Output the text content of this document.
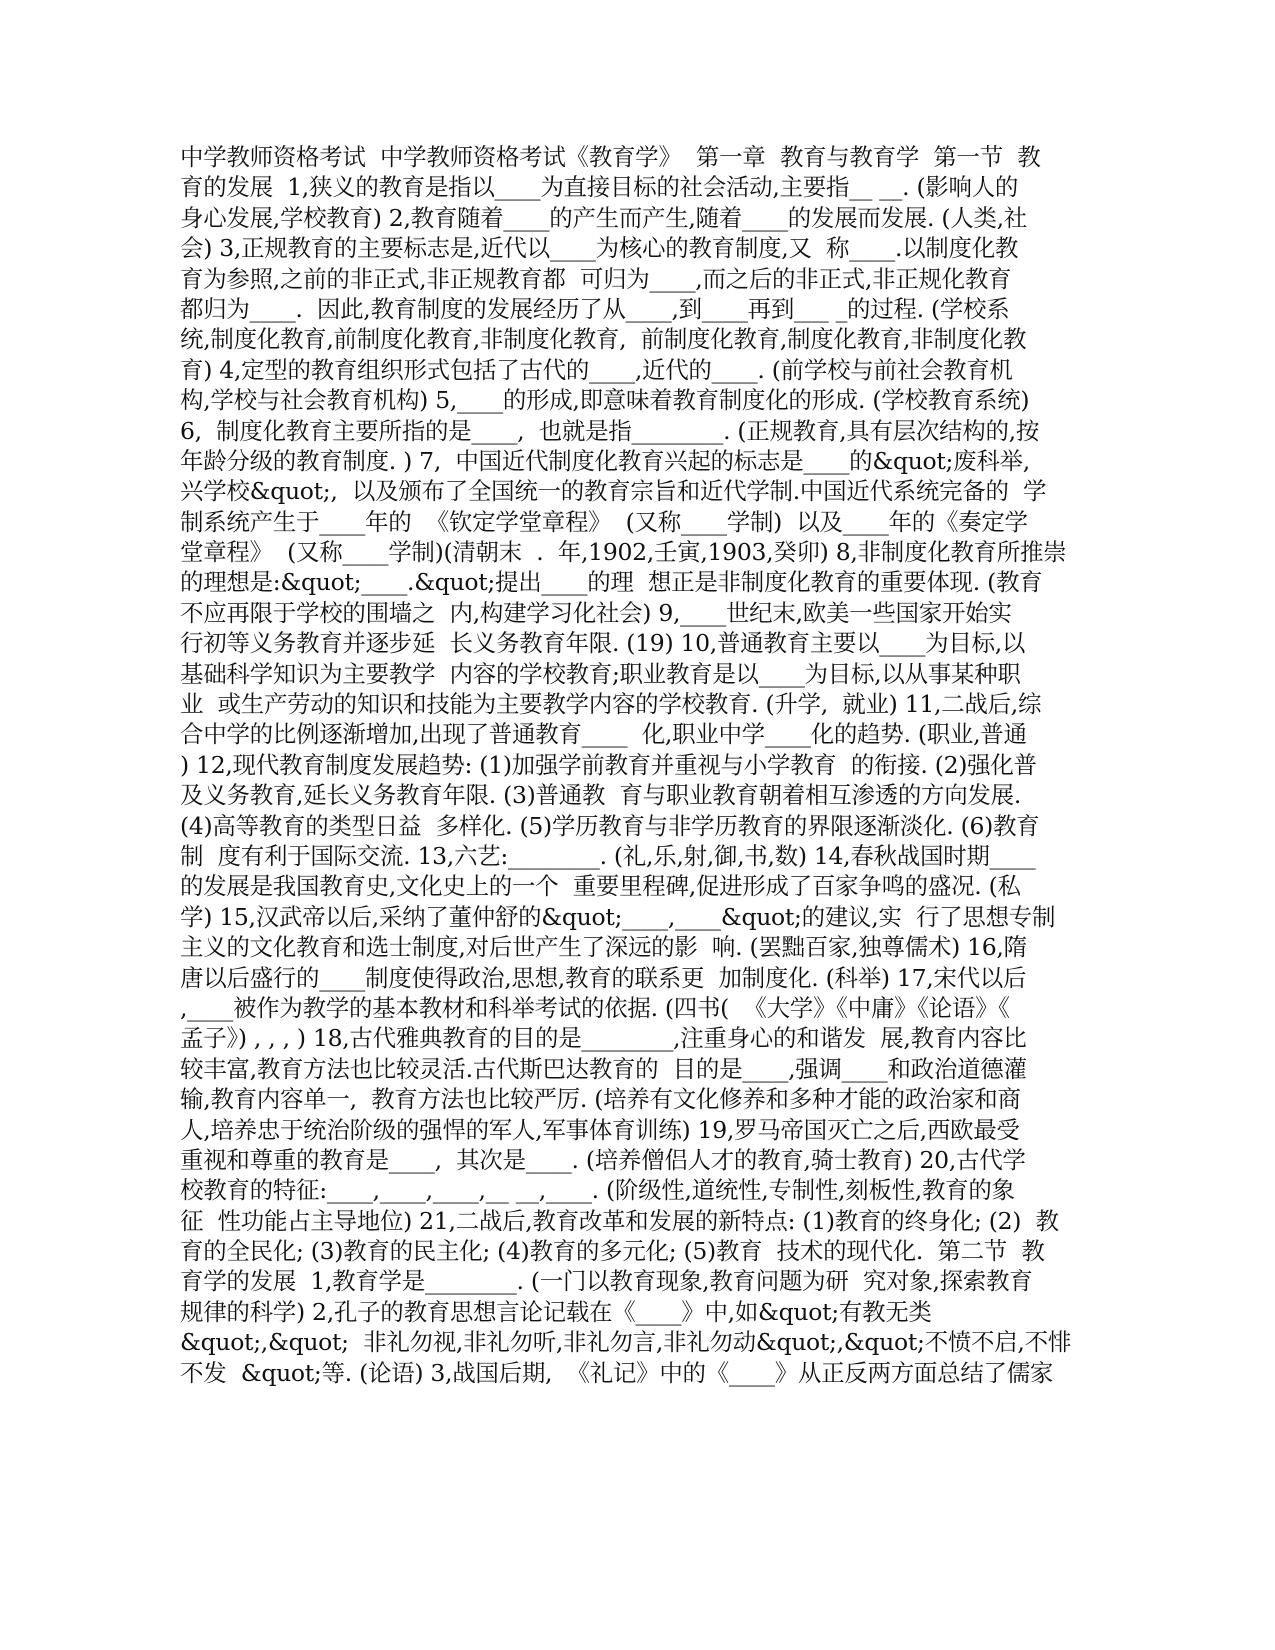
中学教师资格考试  中学教师资格考试《教育学》  第一章  教育与教育学  第一节  教
育的发展  1,狭义的教育是指以____为直接目标的社会活动,主要指__ __. (影响人的
身心发展,学校教育) 2,教育随着____的产生而产生,随着____的发展而发展. (人类,社
会) 3,正规教育的主要标志是,近代以____为核心的教育制度,又  称____.以制度化教
育为参照,之前的非正式,非正规教育都  可归为____,而之后的非正式,非正规化教育
都归为____.  因此,教育制度的发展经历了从____,到____再到___ _的过程. (学校系
统,制度化教育,前制度化教育,非制度化教育,  前制度化教育,制度化教育,非制度化教
育) 4,定型的教育组织形式包括了古代的____,近代的____. (前学校与前社会教育机
构,学校与社会教育机构) 5,____的形成,即意味着教育制度化的形成. (学校教育系统)
6,  制度化教育主要所指的是____,  也就是指________. (正规教育,具有层次结构的,按
年龄分级的教育制度. ) 7,  中国近代制度化教育兴起的标志是____的&quot;废科举,
兴学校&quot;,  以及颁布了全国统一的教育宗旨和近代学制.中国近代系统完备的  学
制系统产生于____年的  《钦定学堂章程》  (又称____学制)  以及____年的《奏定学
堂章程》  (又称____学制)(清朝末  .  年,1902,壬寅,1903,癸卯) 8,非制度化教育所推崇
的理想是:&quot;____.&quot;提出____的理  想正是非制度化教育的重要体现. (教育
不应再限于学校的围墙之  内,构建学习化社会) 9,____世纪末,欧美一些国家开始实
行初等义务教育并逐步延  长义务教育年限. (19) 10,普通教育主要以____为目标,以
基础科学知识为主要教学  内容的学校教育;职业教育是以____为目标,以从事某种职
业  或生产劳动的知识和技能为主要教学内容的学校教育. (升学,  就业) 11,二战后,综
合中学的比例逐渐增加,出现了普通教育____  化,职业中学____化的趋势. (职业,普通
) 12,现代教育制度发展趋势: (1)加强学前教育并重视与小学教育  的衔接. (2)强化普
及义务教育,延长义务教育年限. (3)普通教  育与职业教育朝着相互渗透的方向发展.
(4)高等教育的类型日益  多样化. (5)学历教育与非学历教育的界限逐渐淡化. (6)教育
制  度有利于国际交流. 13,六艺:________. (礼,乐,射,御,书,数) 14,春秋战国时期____
的发展是我国教育史,文化史上的一个  重要里程碑,促进形成了百家争鸣的盛况. (私
学) 15,汉武帝以后,采纳了董仲舒的&quot;____,____&quot;的建议,实  行了思想专制
主义的文化教育和选士制度,对后世产生了深远的影  响. (罢黜百家,独尊儒术) 16,隋
唐以后盛行的____制度使得政治,思想,教育的联系更  加制度化. (科举) 17,宋代以后
,____被作为教学的基本教材和科举考试的依据. (四书(  《大学》《中庸》《论语》《
孟子》) , , , ) 18,古代雅典教育的目的是________,注重身心的和谐发  展,教育内容比
较丰富,教育方法也比较灵活.古代斯巴达教育的  目的是____,强调____和政治道德灌
输,教育内容单一,  教育方法也比较严厉. (培养有文化修养和多种才能的政治家和商
人,培养忠于统治阶级的强悍的军人,军事体育训练) 19,罗马帝国灭亡之后,西欧最受
重视和尊重的教育是____,  其次是____. (培养僧侣人才的教育,骑士教育) 20,古代学
校教育的特征:____,____,____,__ __,____. (阶级性,道统性,专制性,刻板性,教育的象
征  性功能占主导地位) 21,二战后,教育改革和发展的新特点: (1)教育的终身化; (2)  教
育的全民化; (3)教育的民主化; (4)教育的多元化; (5)教育  技术的现代化.  第二节  教
育学的发展  1,教育学是________. (一门以教育现象,教育问题为研  究对象,探索教育
规律的科学) 2,孔子的教育思想言论记载在《____》中,如&quot;有教无类
&quot;,&quot;  非礼勿视,非礼勿听,非礼勿言,非礼勿动&quot;,&quot;不愤不启,不悱
不发  &quot;等. (论语) 3,战国后期,  《礼记》中的《____》从正反两方面总结了儒家
